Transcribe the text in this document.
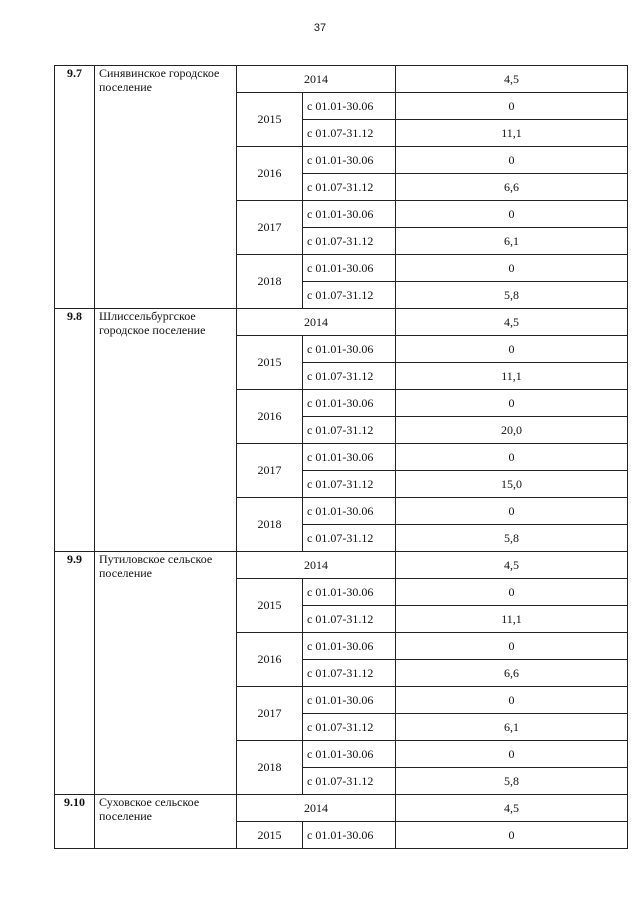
37
9.7	Синявинское городское поселение	2014		4,5
		2015	с 01.01-30.06	0
			с 01.07-31.12	11,1
		2016	с 01.01-30.06	0
			с 01.07-31.12	6,6
		2017	с 01.01-30.06	0
			с 01.07-31.12	6,1
		2018	с 01.01-30.06	0
			с 01.07-31.12	5,8
9.8	Шлиссельбургское городское поселение	2014		4,5
		2015	с 01.01-30.06	0
			с 01.07-31.12	11,1
		2016	с 01.01-30.06	0
			с 01.07-31.12	20,0
		2017	с 01.01-30.06	0
			с 01.07-31.12	15,0
		2018	с 01.01-30.06	0
			с 01.07-31.12	5,8
9.9	Путиловское сельское поселение	2014		4,5
		2015	с 01.01-30.06	0
			с 01.07-31.12	11,1
		2016	с 01.01-30.06	0
			с 01.07-31.12	6,6
		2017	с 01.01-30.06	0
			с 01.07-31.12	6,1
		2018	с 01.01-30.06	0
			с 01.07-31.12	5,8
9.10	Суховское сельское поселение	2014		4,5
		2015	с 01.01-30.06	0
